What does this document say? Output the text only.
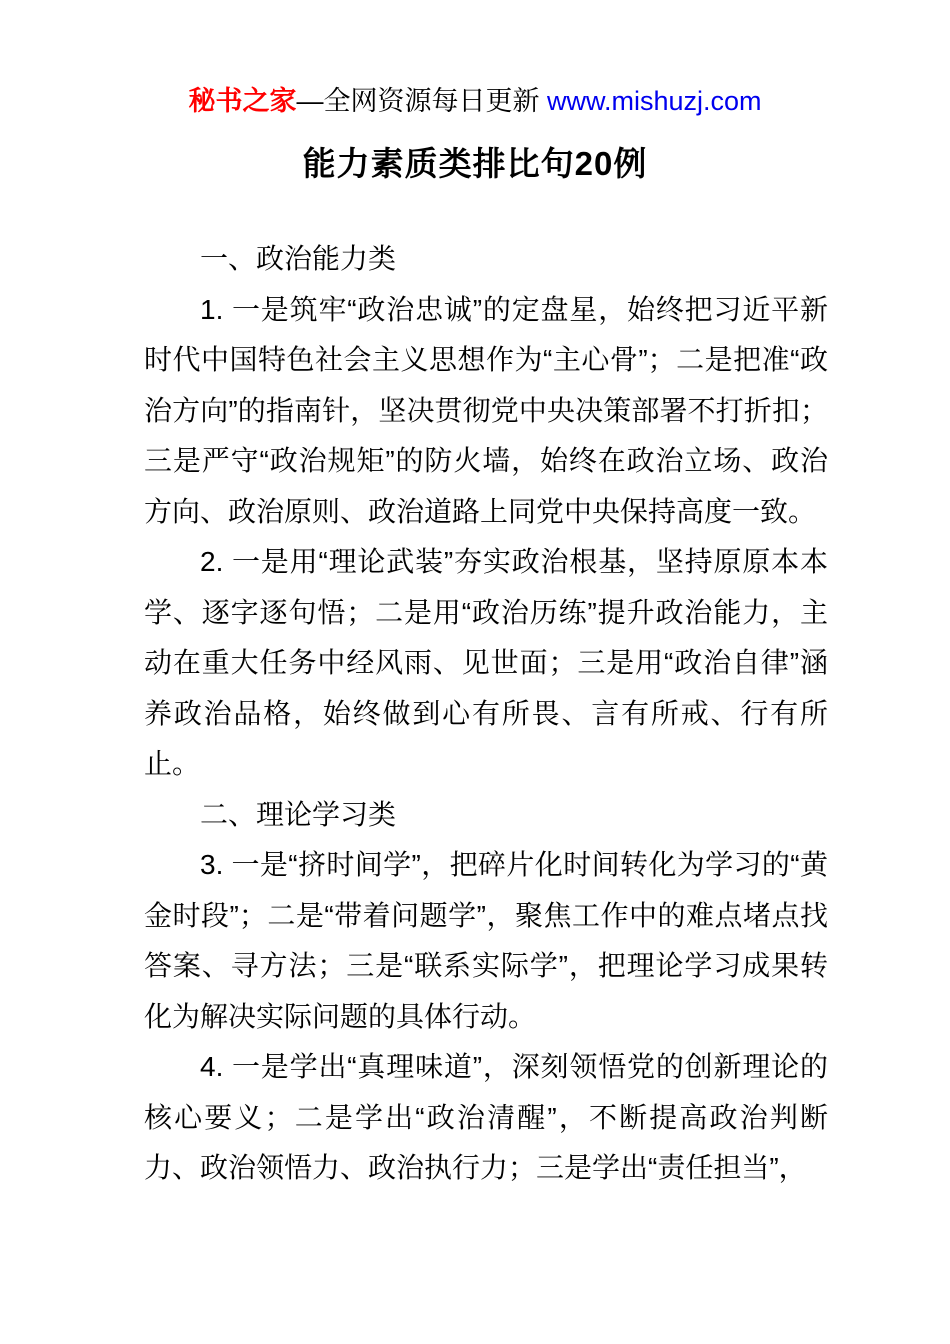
秘书之家—全网资源每日更新 www.mishuzj.com
能力素质类排比句20例

一、政治能力类

1. 一是筑牢“政治忠诚”的定盘星，始终把习近平新时代中国特色社会主义思想作为“主心骨”；二是把准“政治方向”的指南针，坚决贯彻党中央决策部署不打折扣；三是严守“政治规矩”的防火墙，始终在政治立场、政治方向、政治原则、政治道路上同党中央保持高度一致。

2. 一是用“理论武装”夯实政治根基，坚持原原本本学、逐字逐句悟；二是用“政治历练”提升政治能力，主动在重大任务中经风雨、见世面；三是用“政治自律”涵养政治品格，始终做到心有所畏、言有所戒、行有所止。

二、理论学习类

3. 一是“挤时间学”，把碎片化时间转化为学习的“黄金时段”；二是“带着问题学”，聚焦工作中的难点堵点找答案、寻方法；三是“联系实际学”，把理论学习成果转化为解决实际问题的具体行动。

4. 一是学出“真理味道”，深刻领悟党的创新理论的核心要义；二是学出“政治清醒”，不断提高政治判断力、政治领悟力、政治执行力；三是学出“责任担当”，
